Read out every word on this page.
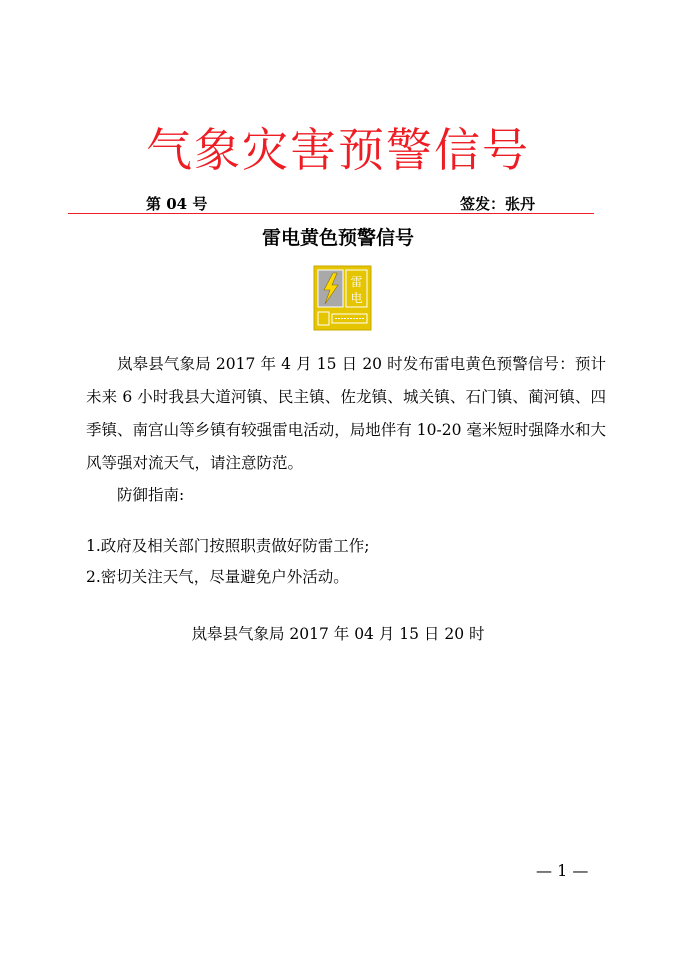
气象灾害预警信号
第 04 号	签发：张丹
雷电黄色预警信号
雷
电
岚皋县气象局 2017 年 4 月 15 日 20 时发布雷电黄色预警信号：预计未来 6 小时我县大道河镇、民主镇、佐龙镇、城关镇、石门镇、蔺河镇、四季镇、南宫山等乡镇有较强雷电活动，局地伴有 10-20 毫米短时强降水和大风等强对流天气，请注意防范。
防御指南:
1.政府及相关部门按照职责做好防雷工作;
2.密切关注天气，尽量避免户外活动。
岚皋县气象局 2017 年 04 月 15 日 20 时
— 1 —
